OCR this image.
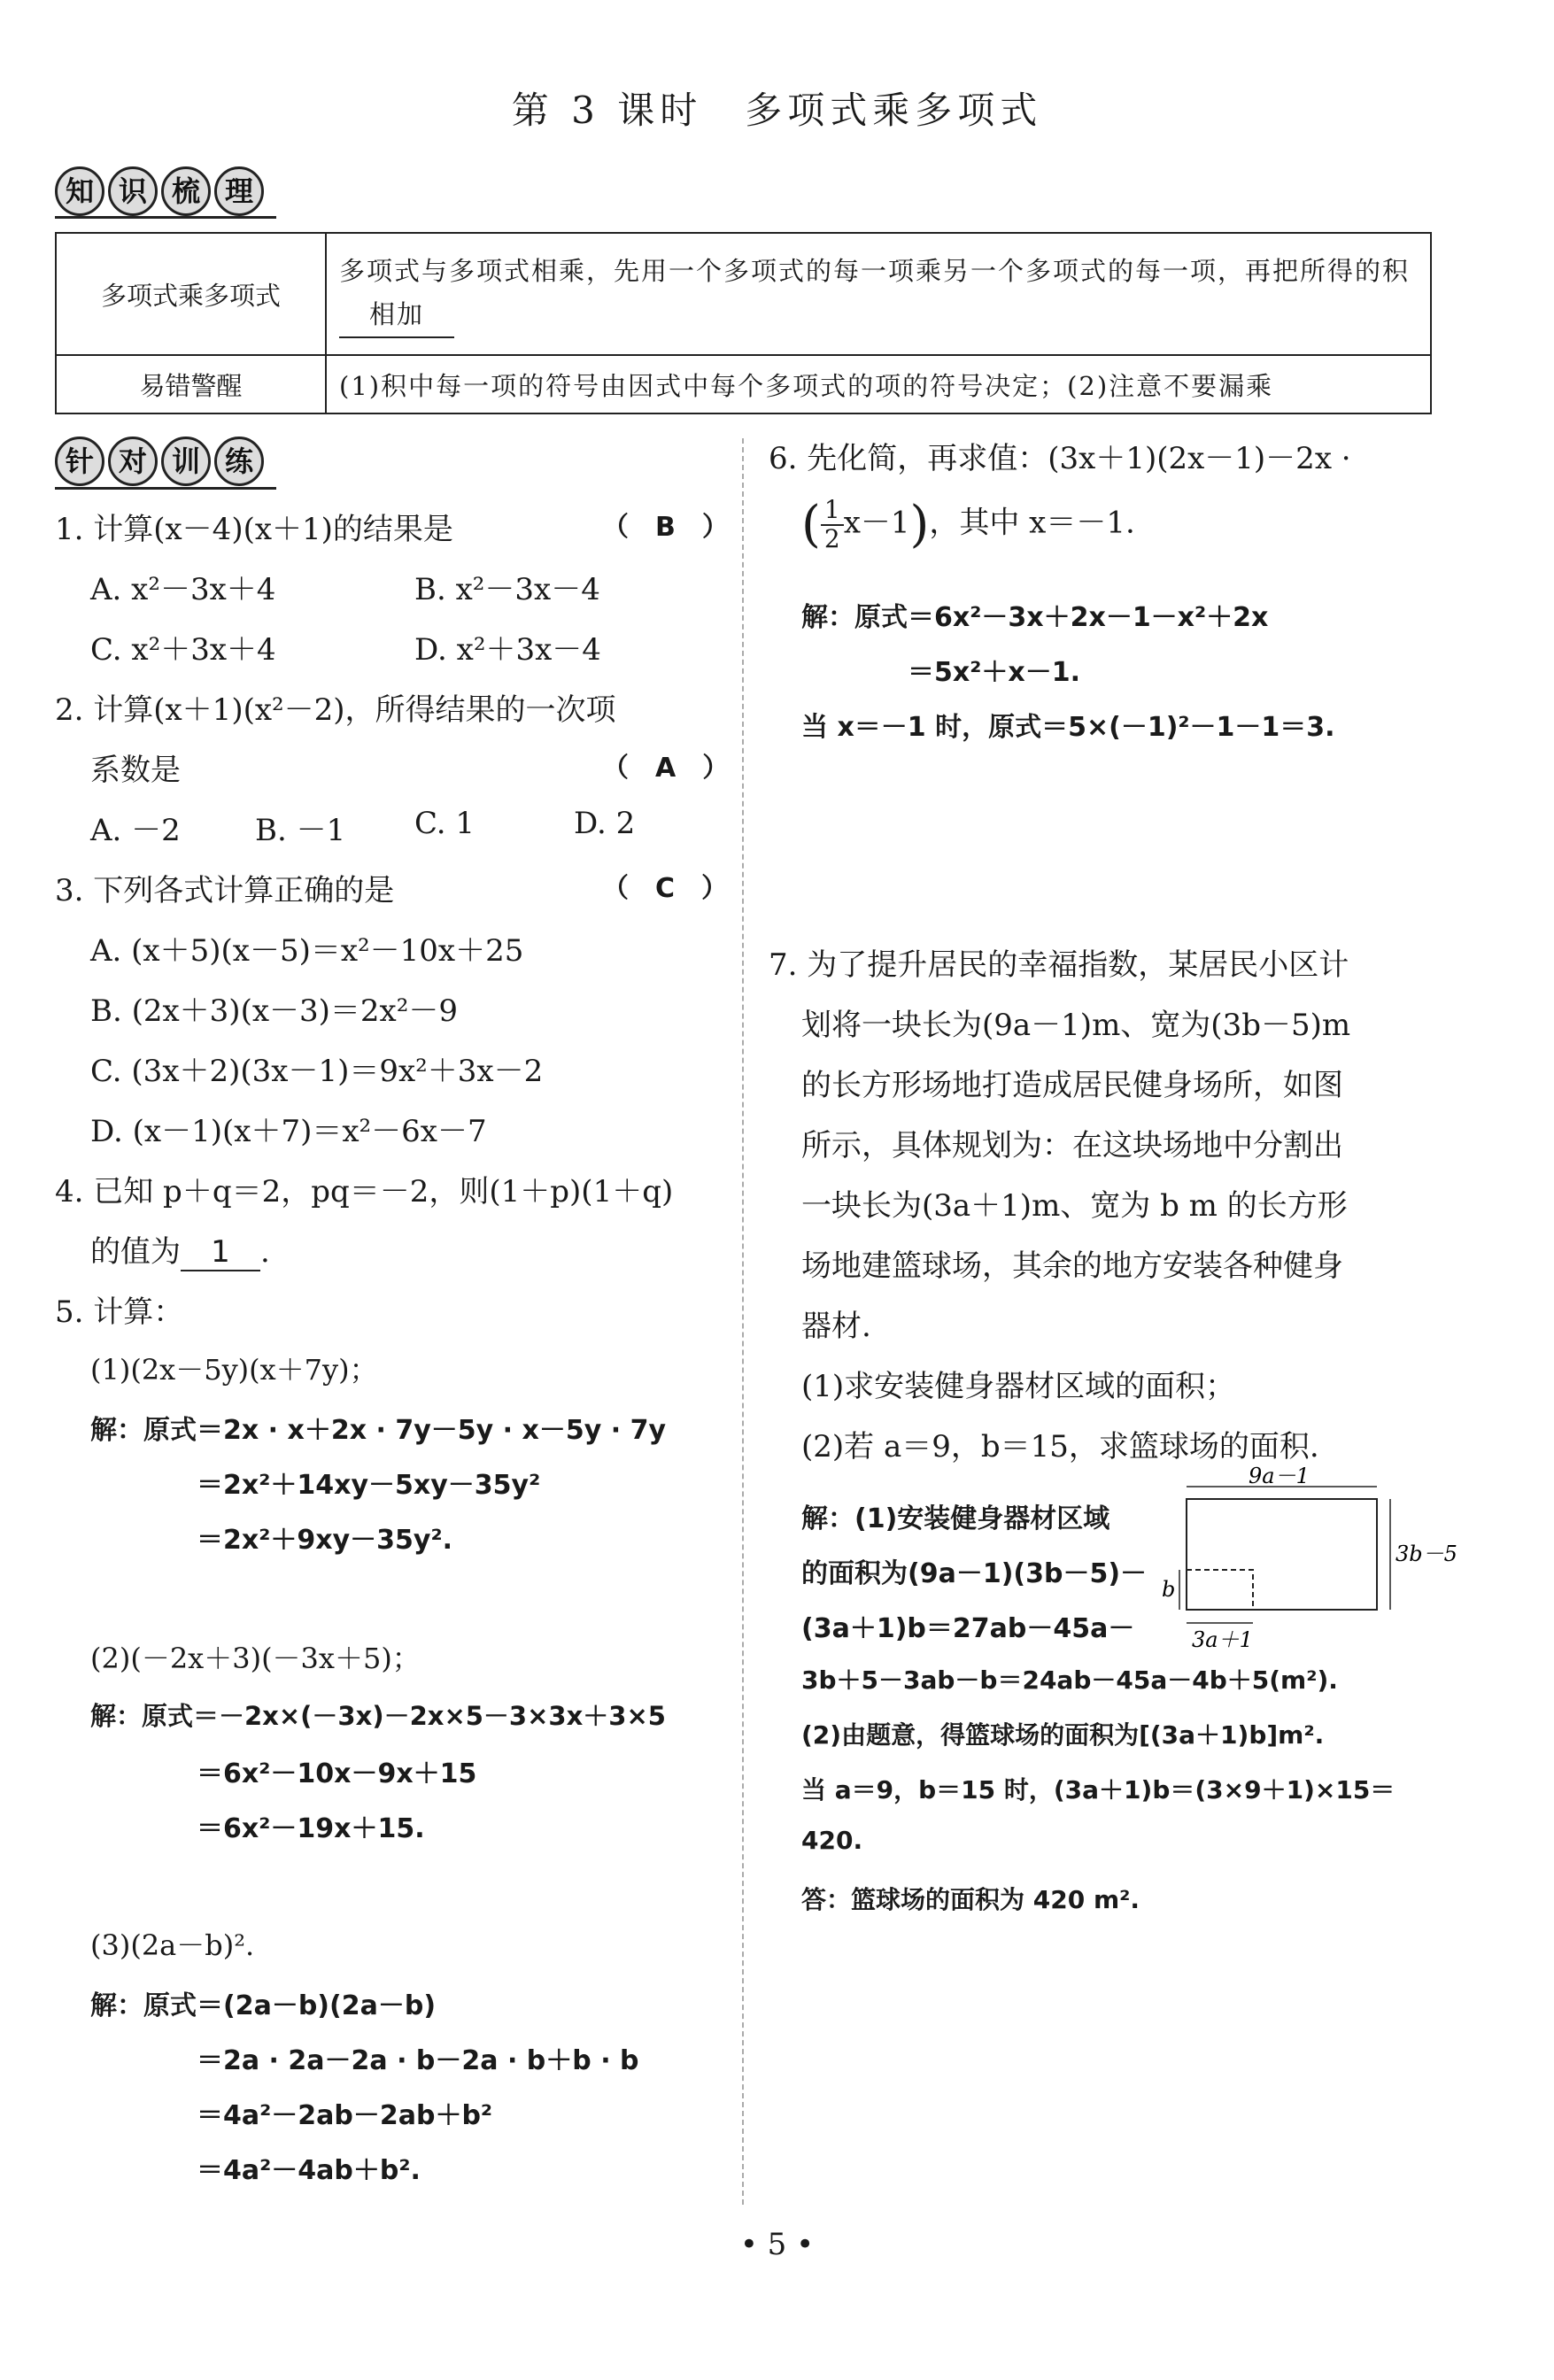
第 3 课时　多项式乘多项式
知 识 梳 理
多项式乘多项式	多项式与多项式相乘，先用一个多项式的每一项乘另一个多项式的每一项，再把所得的积相加
易错警醒	(1)积中每一项的符号由因式中每个多项式的项的符号决定；(2)注意不要漏乘
针 对 训 练
1. 计算(x－4)(x＋1)的结果是	（　B　）
A. x²－3x＋4	B. x²－3x－4
C. x²＋3x＋4	D. x²＋3x－4
2. 计算(x＋1)(x²－2)，所得结果的一次项
系数是	（　A　）
A. －2 B. －1 C. 1	D. 2
3. 下列各式计算正确的是	（　C　）
A. (x＋5)(x－5)＝x²－10x＋25
B. (2x＋3)(x－3)＝2x²－9
C. (3x＋2)(3x－1)＝9x²＋3x－2
D. (x－1)(x＋7)＝x²－6x－7
4. 已知 p＋q＝2，pq＝－2，则(1＋p)(1＋q)
的值为 1 .
5. 计算：
(1)(2x－5y)(x＋7y)；
解：原式＝2x · x＋2x · 7y－5y · x－5y · 7y
＝2x²＋14xy－5xy－35y²
＝2x²＋9xy－35y².
(2)(－2x＋3)(－3x＋5)；
解：原式＝－2x×(－3x)－2x×5－3×3x＋3×5
＝6x²－10x－9x＋15
＝6x²－19x＋15.
(3)(2a－b)².
解：原式＝(2a－b)(2a－b)
＝2a · 2a－2a · b－2a · b＋b · b
＝4a²－2ab－2ab＋b²
＝4a²－4ab＋b².
6. 先化简，再求值：(3x＋1)(2x－1)－2x ·
( $\frac{1}{2} x-1$)，其中 x＝－1.
解：原式＝6x²－3x＋2x－1－x²＋2x
＝5x²＋x－1.
当 x＝－1 时，原式＝5×(－1)²－1－1＝3.
7. 为了提升居民的幸福指数，某居民小区计
划将一块长为(9a－1)m、宽为(3b－5)m
的长方形场地打造成居民健身场所，如图
所示，具体规划为：在这块场地中分割出
一块长为(3a＋1)m、宽为 b m 的长方形
场地建篮球场，其余的地方安装各种健身
器材.
(1)求安装健身器材区域的面积；
(2)若 a＝9，b＝15，求篮球场的面积.
解：(1)安装健身器材区域
的面积为(9a－1)(3b－5)－
(3a＋1)b＝27ab－45a－
3b＋5－3ab－b＝24ab－45a－4b＋5(m²).
(2)由题意，得篮球场的面积为[(3a＋1)b]m².
当 a＝9，b＝15 时，(3a＋1)b＝(3×9＋1)×15＝
420.
答：篮球场的面积为 420 m².
9a－1
3b－5
b
3a＋1
• 5 •
